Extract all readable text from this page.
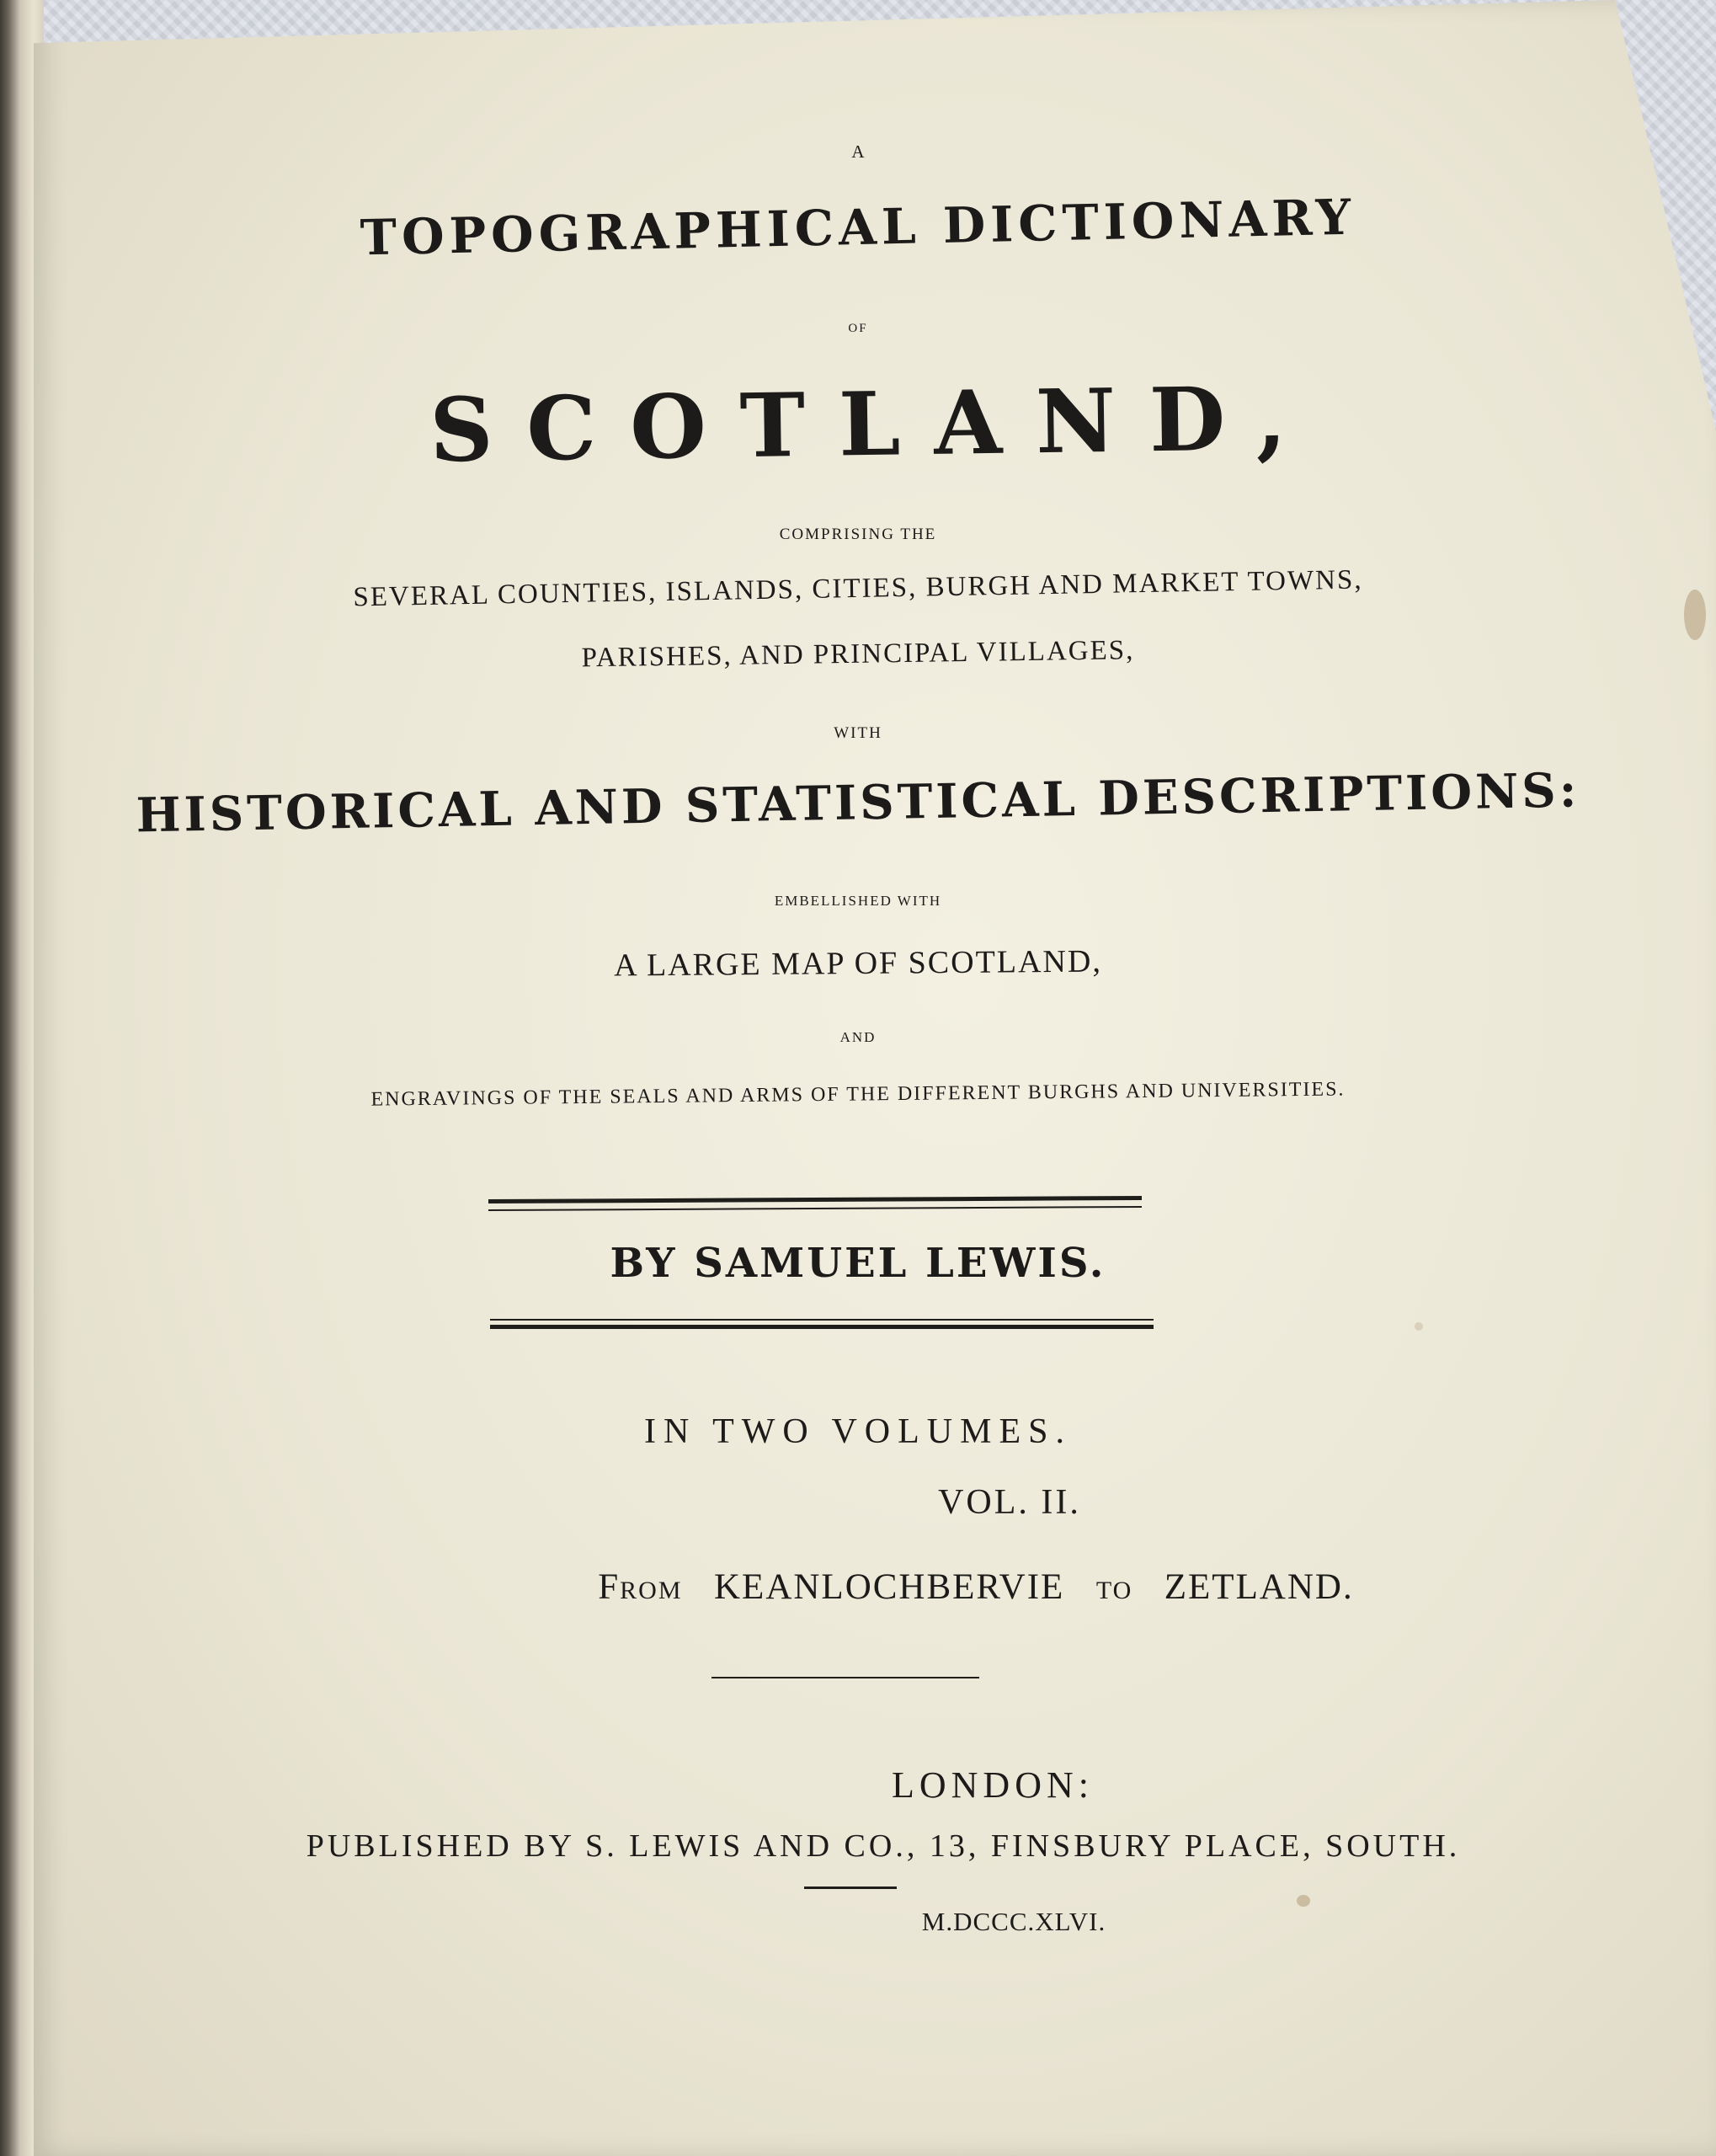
A
TOPOGRAPHICAL DICTIONARY
OF
SCOTLAND,
COMPRISING THE
SEVERAL COUNTIES, ISLANDS, CITIES, BURGH AND MARKET TOWNS,
PARISHES, AND PRINCIPAL VILLAGES,
WITH
HISTORICAL AND STATISTICAL DESCRIPTIONS:
EMBELLISHED WITH
A LARGE MAP OF SCOTLAND,
AND
ENGRAVINGS OF THE SEALS AND ARMS OF THE DIFFERENT BURGHS AND UNIVERSITIES.
BY SAMUEL LEWIS.
IN TWO VOLUMES.
VOL. II.
From KEANLOCHBERVIE to ZETLAND.
LONDON:
PUBLISHED BY S. LEWIS AND CO., 13, FINSBURY PLACE, SOUTH.
M.DCCC.XLVI.
